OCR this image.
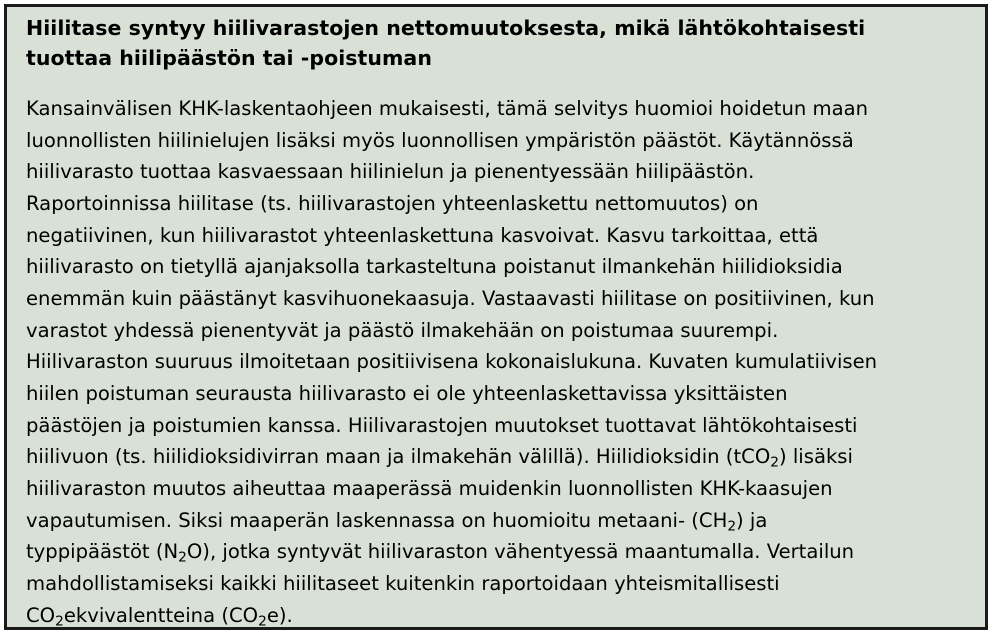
Hiilitase syntyy hiilivarastojen nettomuutoksesta, mikä lähtökohtaisesti
tuottaa hiilipäästön tai -poistuman
Kansainvälisen KHK-laskentaohjeen mukaisesti, tämä selvitys huomioi hoidetun maan
luonnollisten hiilinielujen lisäksi myös luonnollisen ympäristön päästöt. Käytännössä
hiilivarasto tuottaa kasvaessaan hiilinielun ja pienentyessään hiilipäästön.
Raportoinnissa hiilitase (ts. hiilivarastojen yhteenlaskettu nettomuutos) on
negatiivinen, kun hiilivarastot yhteenlaskettuna kasvoivat. Kasvu tarkoittaa, että
hiilivarasto on tietyllä ajanjaksolla tarkasteltuna poistanut ilmankehän hiilidioksidia
enemmän kuin päästänyt kasvihuonekaasuja. Vastaavasti hiilitase on positiivinen, kun
varastot yhdessä pienentyvät ja päästö ilmakehään on poistumaa suurempi.
Hiilivaraston suuruus ilmoitetaan positiivisena kokonaislukuna. Kuvaten kumulatiivisen
hiilen poistuman seurausta hiilivarasto ei ole yhteenlaskettavissa yksittäisten
päästöjen ja poistumien kanssa. Hiilivarastojen muutokset tuottavat lähtökohtaisesti
hiilivuon (ts. hiilidioksidivirran maan ja ilmakehän välillä). Hiilidioksidin (tCO$_2$) lisäksi
hiilivaraston muutos aiheuttaa maaperässä muidenkin luonnollisten KHK-kaasujen
vapautumisen. Siksi maaperän laskennassa on huomioitu metaani- $(CH_2)$ ja
typpipäästöt $(N_2O)$, jotka syntyvät hiilivaraston vähentyessä maantumalla. Vertailun
mahdollistamiseksi kaikki hiilitaseet kuitenkin raportoidaan yhteismitallisesti
$CO_2ekvivalentteina$ $(CO_2e)$.
